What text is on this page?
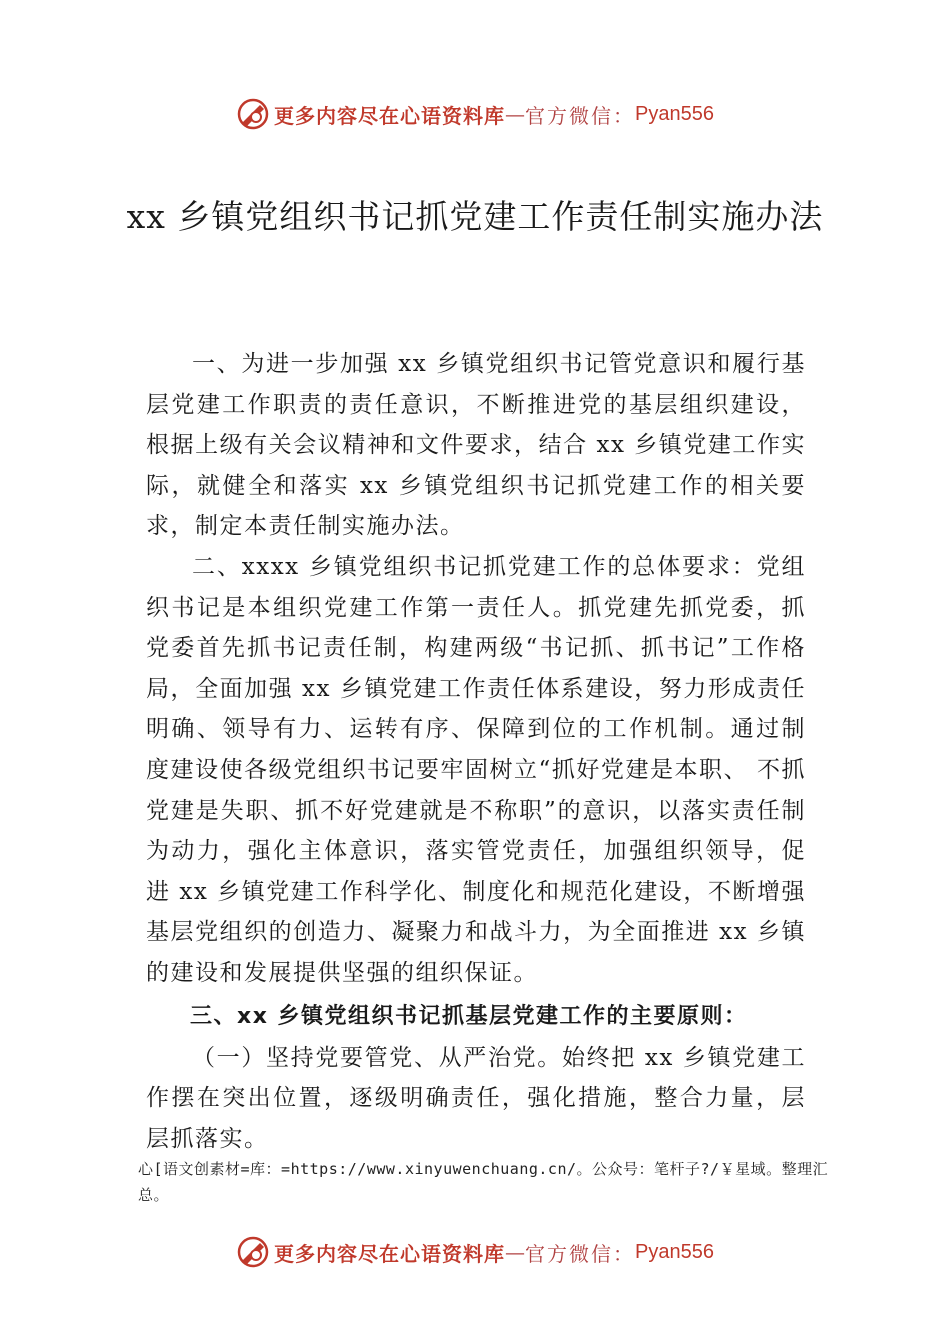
更多内容尽在心语资料库 — 官方微信： Pyan556
xx 乡镇党组织书记抓党建工作责任制实施办法

一、为进一步加强 xx 乡镇党组织书记管党意识和履行基层党建工作职责的责任意识，不断推进党的基层组织建设，根据上级有关会议精神和文件要求，结合 xx 乡镇党建工作实际，就健全和落实 xx 乡镇党组织书记抓党建工作的相关要求，制定本责任制实施办法。

二、xxxx 乡镇党组织书记抓党建工作的总体要求：党组织书记是本组织党建工作第一责任人。抓党建先抓党委，抓党委首先抓书记责任制，构建两级“书记抓、抓书记”工作格局，全面加强 xx 乡镇党建工作责任体系建设，努力形成责任明确、领导有力、运转有序、保障到位的工作机制。通过制度建设使各级党组织书记要牢固树立“抓好党建是本职、 不抓党建是失职、抓不好党建就是不称职”的意识，以落实责任制为动力，强化主体意识，落实管党责任，加强组织领导，促进 xx 乡镇党建工作科学化、制度化和规范化建设，不断增强基层党组织的创造力、凝聚力和战斗力，为全面推进 xx 乡镇的建设和发展提供坚强的组织保证。

三、xx 乡镇党组织书记抓基层党建工作的主要原则：

（一）坚持党要管党、从严治党。始终把 xx 乡镇党建工作摆在突出位置，逐级明确责任，强化措施，整合力量，层 层抓落实。

心[语文创素材=库：=https://www.xinyuwenchuang.cn/。公众号：笔杆子?/￥星域。整理汇总。
更多内容尽在心语资料库 — 官方微信： Pyan556
